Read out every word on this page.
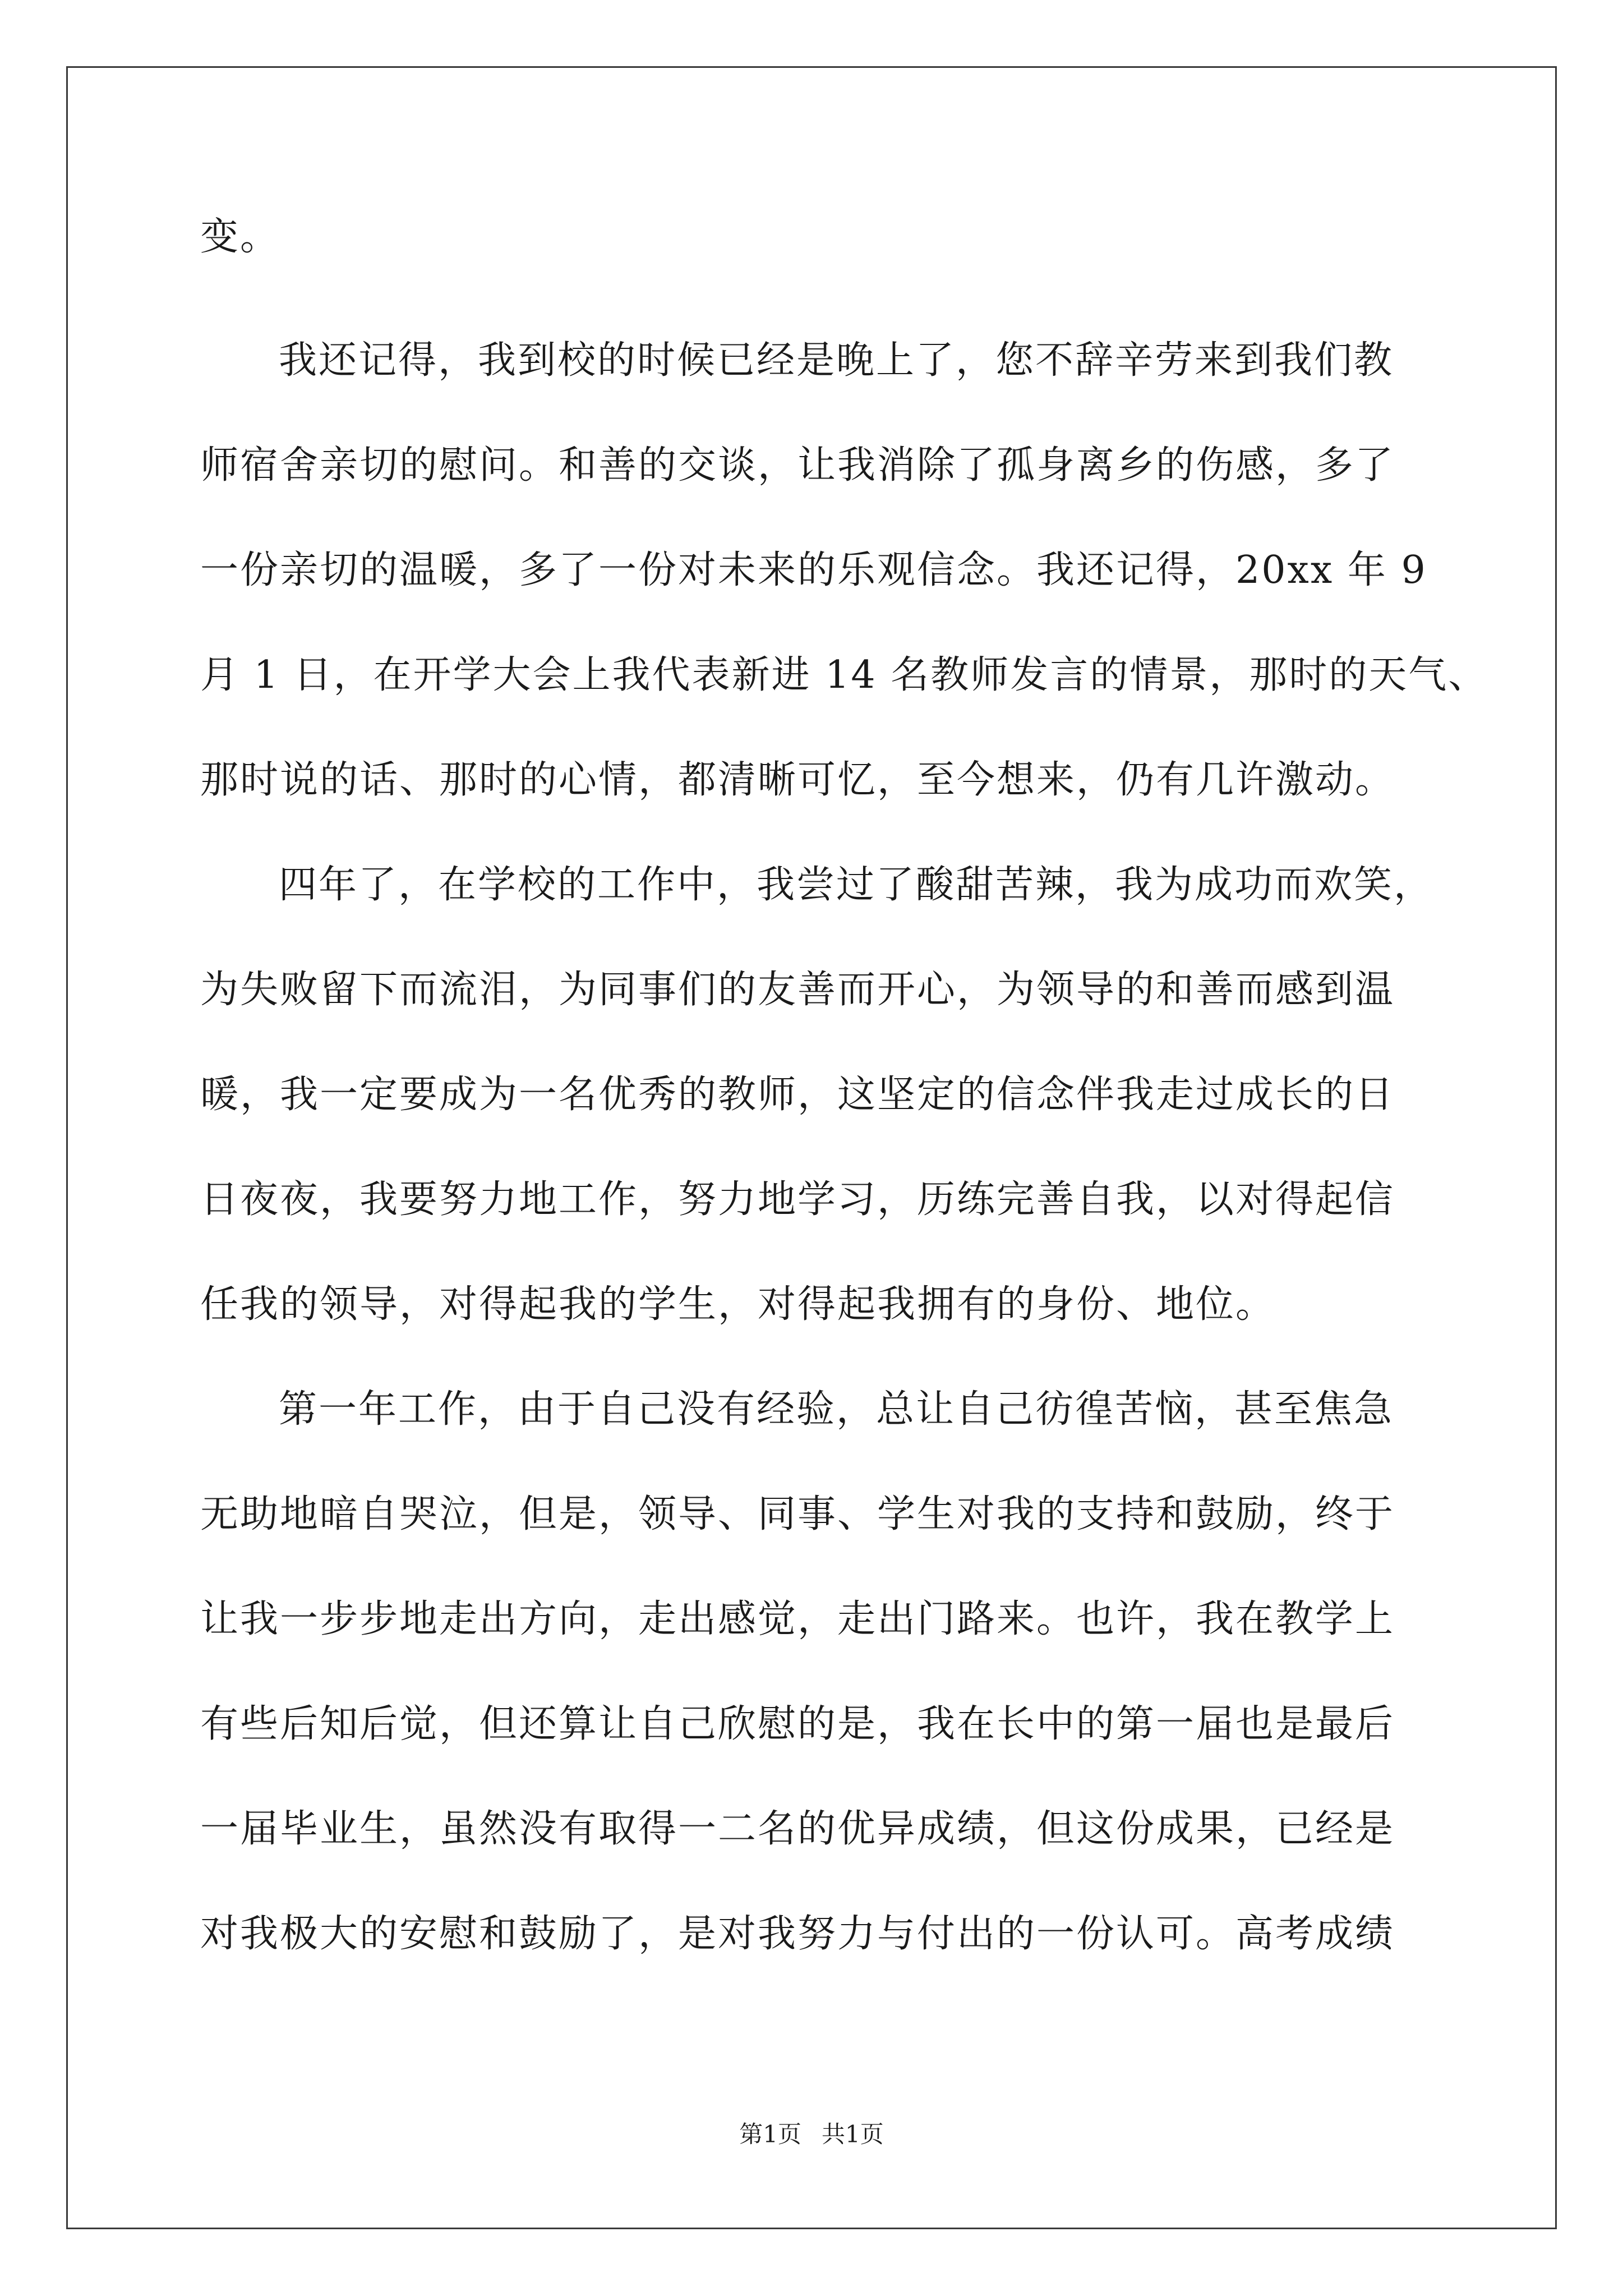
变。
我还记得，我到校的时候已经是晚上了，您不辞辛劳来到我们教
师宿舍亲切的慰问。和善的交谈，让我消除了孤身离乡的伤感，多了
一份亲切的温暖，多了一份对未来的乐观信念。我还记得，20xx 年 9
月 1 日，在开学大会上我代表新进 14 名教师发言的情景，那时的天气、
那时说的话、那时的心情，都清晰可忆，至今想来，仍有几许激动。
四年了，在学校的工作中，我尝过了酸甜苦辣，我为成功而欢笑，
为失败留下而流泪，为同事们的友善而开心，为领导的和善而感到温
暖，我一定要成为一名优秀的教师，这坚定的信念伴我走过成长的日
日夜夜，我要努力地工作，努力地学习，历练完善自我，以对得起信
任我的领导，对得起我的学生，对得起我拥有的身份、地位。
第一年工作，由于自己没有经验，总让自己彷徨苦恼，甚至焦急
无助地暗自哭泣，但是，领导、同事、学生对我的支持和鼓励，终于
让我一步步地走出方向，走出感觉，走出门路来。也许，我在教学上
有些后知后觉，但还算让自己欣慰的是，我在长中的第一届也是最后
一届毕业生，虽然没有取得一二名的优异成绩，但这份成果，已经是
对我极大的安慰和鼓励了，是对我努力与付出的一份认可。高考成绩
第1页 共1页
